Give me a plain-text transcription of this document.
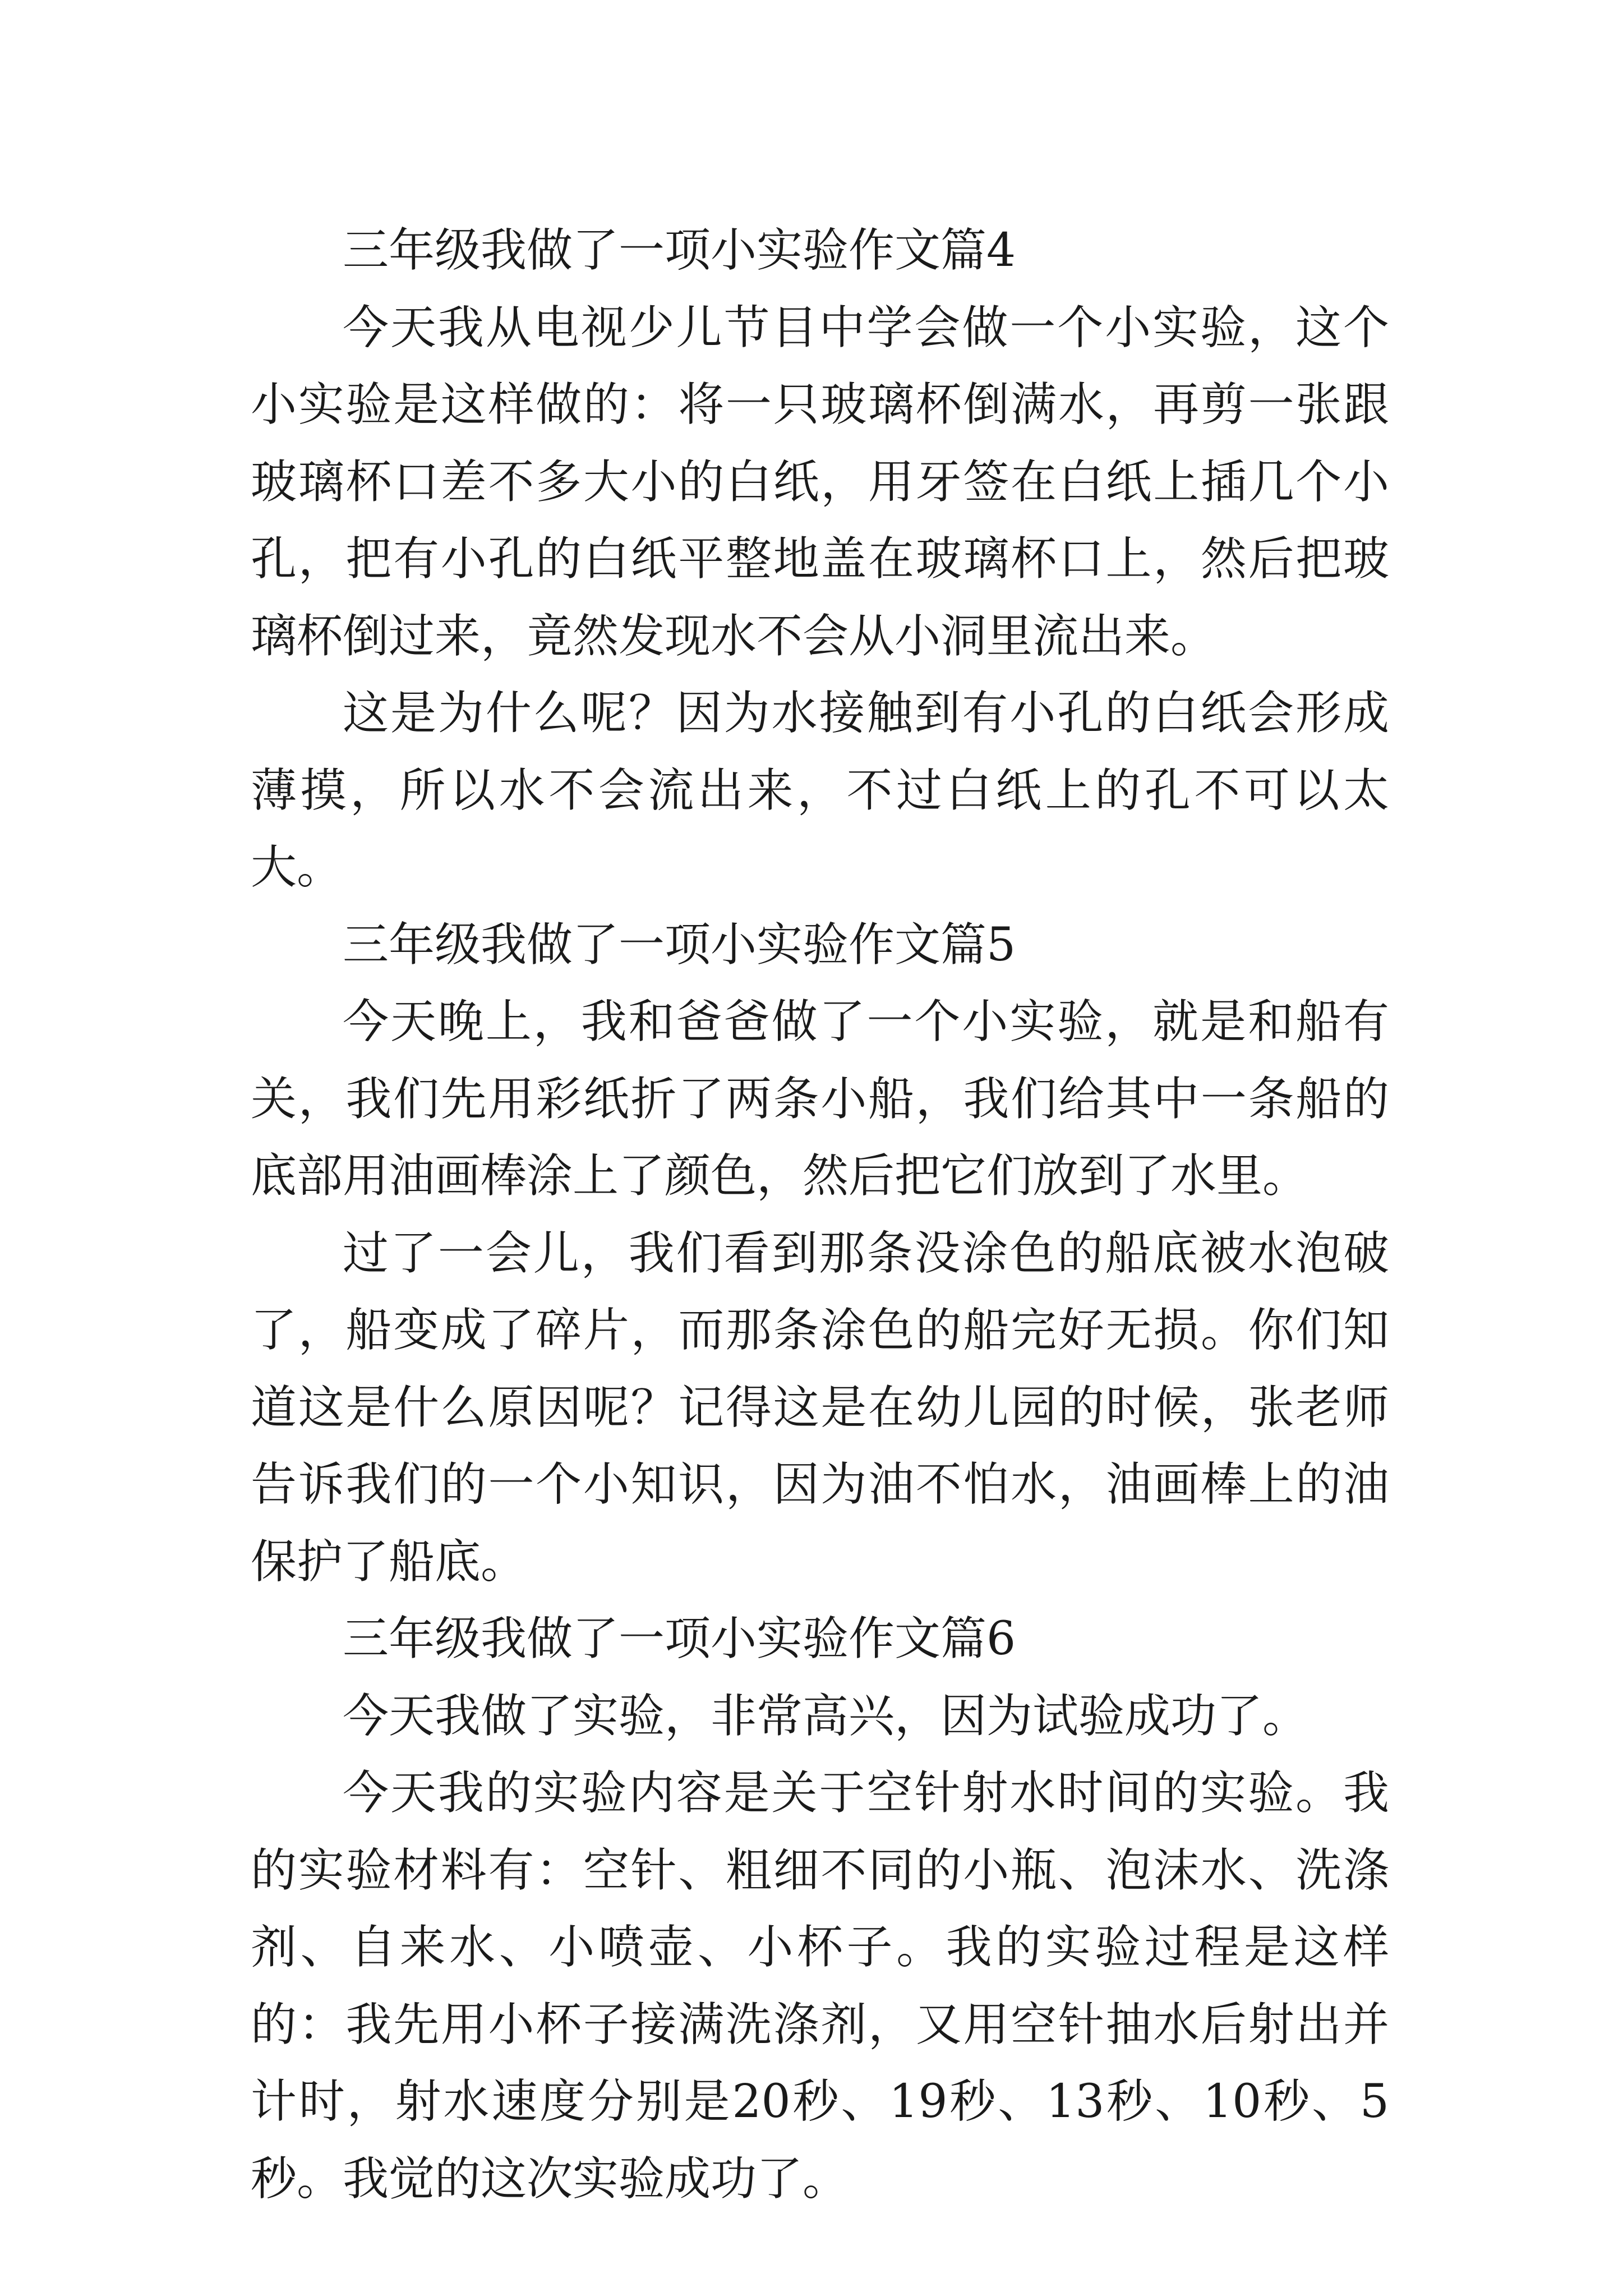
三年级我做了一项小实验作文篇4

今天我从电视少儿节目中学会做一个小实验，这个小实验是这样做的：将一只玻璃杯倒满水，再剪一张跟玻璃杯口差不多大小的白纸，用牙签在白纸上插几个小孔，把有小孔的白纸平整地盖在玻璃杯口上，然后把玻璃杯倒过来，竟然发现水不会从小洞里流出来。

这是为什么呢？因为水接触到有小孔的白纸会形成薄摸，所以水不会流出来，不过白纸上的孔不可以太大。

三年级我做了一项小实验作文篇5

今天晚上，我和爸爸做了一个小实验，就是和船有关，我们先用彩纸折了两条小船，我们给其中一条船的底部用油画棒涂上了颜色，然后把它们放到了水里。

过了一会儿，我们看到那条没涂色的船底被水泡破了，船变成了碎片，而那条涂色的船完好无损。你们知道这是什么原因呢？记得这是在幼儿园的时候，张老师告诉我们的一个小知识，因为油不怕水，油画棒上的油保护了船底。

三年级我做了一项小实验作文篇6

今天我做了实验，非常高兴，因为试验成功了。

今天我的实验内容是关于空针射水时间的实验。我的实验材料有：空针、粗细不同的小瓶、泡沫水、洗涤剂、自来水、小喷壶、小杯子。我的实验过程是这样的：我先用小杯子接满洗涤剂，又用空针抽水后射出并计时，射水速度分别是20秒、19秒、13秒、10秒、5秒。我觉的这次实验成功了。
